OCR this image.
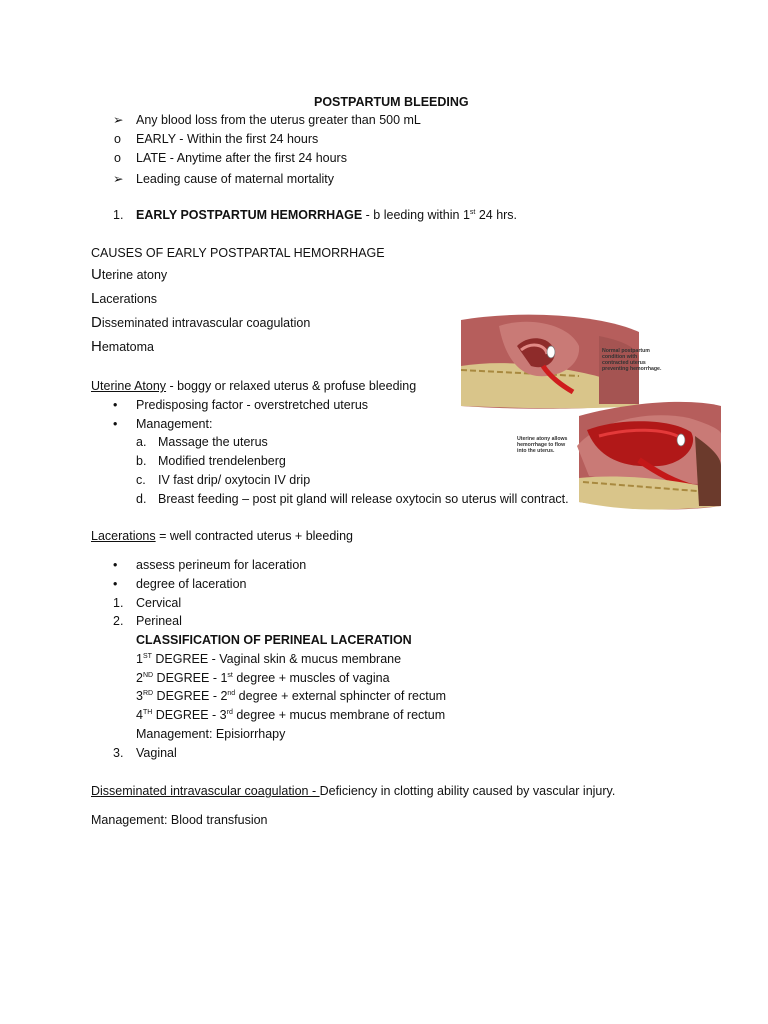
POSTPARTUM BLEEDING
➢ Any blood loss from the uterus greater than 500 mL
o EARLY - Within the first 24 hours
o LATE - Anytime after the first 24 hours
➢ Leading cause of maternal mortality
1. EARLY POSTPARTUM HEMORRHAGE - b leeding within 1st 24 hrs.
CAUSES OF EARLY POSTPARTAL HEMORRHAGE
Uterine atony
Lacerations
Disseminated intravascular coagulation
Hematoma
Uterine Atony - boggy or relaxed uterus & profuse bleeding
• Predisposing factor - overstretched uterus
• Management:
a. Massage the uterus
b. Modified trendelenberg
c. IV fast drip/ oxytocin IV drip
d. Breast feeding – post pit gland will release oxytocin so uterus will contract.
Normal postpartum
condition with
contracted uterus
preventing hemorrhage.
Uterine atony allows
hemorrhage to flow
into the uterus.
Lacerations = well contracted uterus + bleeding
• assess perineum for laceration
• degree of laceration
1. Cervical
2. Perineal
CLASSIFICATION OF PERINEAL LACERATION
1ST DEGREE - Vaginal skin & mucus membrane
2ND DEGREE - 1st degree + muscles of vagina
3RD DEGREE - 2nd degree + external sphincter of rectum
4TH DEGREE - 3rd degree + mucus membrane of rectum
Management: Episiorrhapy
3. Vaginal
Disseminated intravascular coagulation - Deficiency in clotting ability caused by vascular injury.
Management: Blood transfusion
